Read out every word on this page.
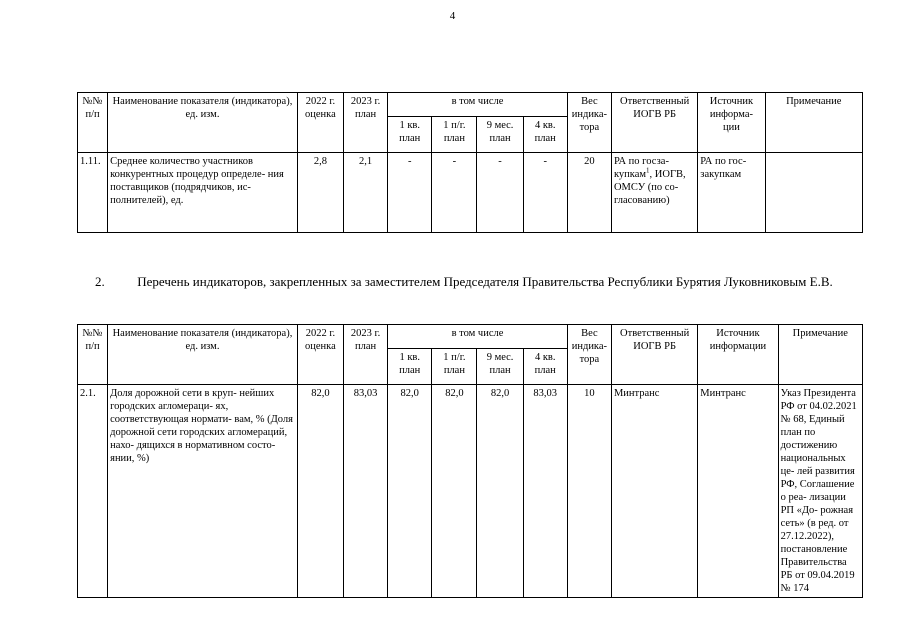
4
№№ п/п	Наименование показателя (индикатора), ед. изм.	2022 г. оценка	2023 г. план	в том числе				Вес индика- тора	Ответственный ИОГВ РБ	Источник информа- ции	Примечание
				1 кв. план	1 п/г. план	9 мес. план	4 кв. план				
1.11.	Среднее количество участников конкурентных процедур определе- ния поставщиков (подрядчиков, ис- полнителей), ед.	2,8	2,1	-	-	-	-	20	РА по госза- купкам$^1$, ИОГВ, ОМСУ (по со- гласованию)	РА по гос- закупкам	
2.	Перечень индикаторов, закрепленных за заместителем Председателя Правительства Республики Бурятия Луковниковым Е.В.
№№ п/п	Наименование показателя (индикатора), ед. изм.	2022 г. оценка	2023 г. план	в том числе				Вес индика- тора	Ответственный ИОГВ РБ	Источник информации	Примечание
				1 кв. план	1 п/г. план	9 мес. план	4 кв. план				
2.1.	Доля дорожной сети в круп- нейших городских агломераци- ях, соответствующая нормати- вам, % (Доля дорожной сети городских агломераций, нахо- дящихся в нормативном состо- янии, %)	82,0	83,03	82,0	82,0	82,0	83,03	10	Минтранс	Минтранс	Указ Президента РФ от 04.02.2021 № 68, Единый план по достижению национальных це- лей развития РФ, Соглашение о реа- лизации РП «До- рожная сеть» (в ред. от 27.12.2022), постановление Правительства РБ от 09.04.2019 № 174
